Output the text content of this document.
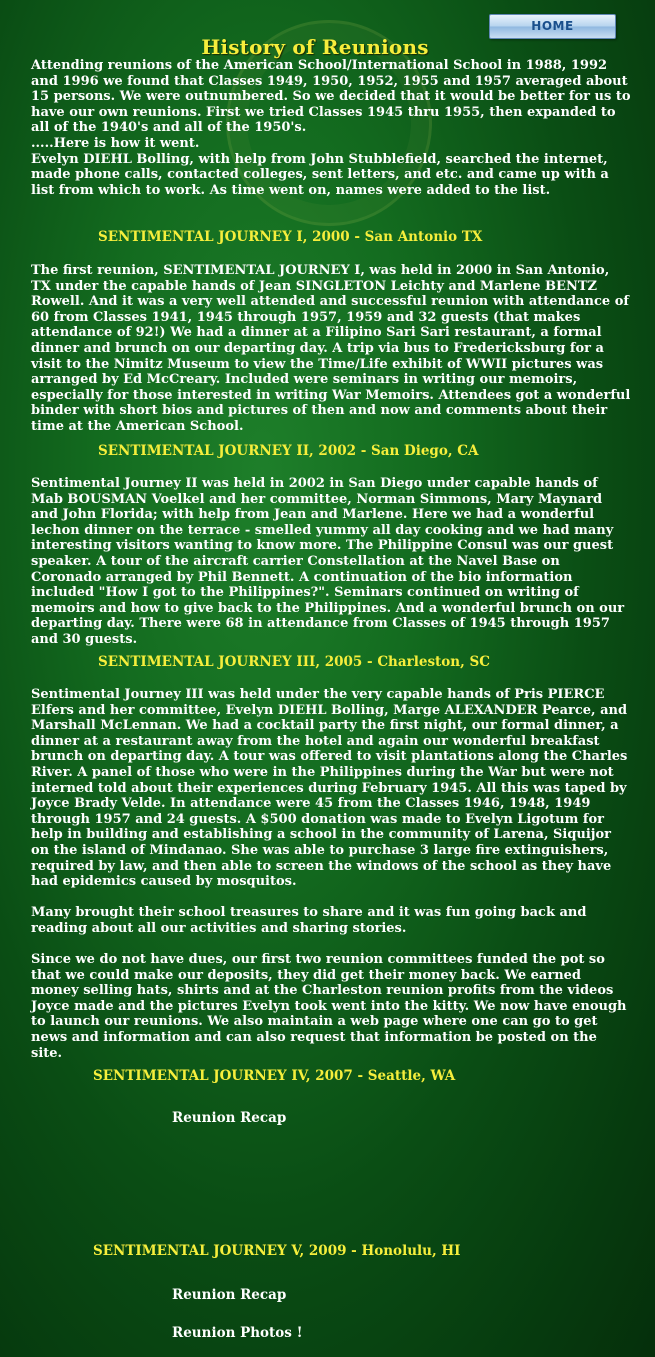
History of Reunions
HOME

Attending reunions of the American School/International School in 1988, 1992 and 1996 we found that Classes 1949, 1950, 1952, 1955 and 1957 averaged about 15 persons. We were outnumbered. So we decided that it would be better for us to have our own reunions. First we tried Classes 1945 thru 1955, then expanded to all of the 1940's and all of the 1950's.
.....Here is how it went.
Evelyn DIEHL Bolling, with help from John Stubblefield, searched the internet, made phone calls, contacted colleges, sent letters, and etc. and came up with a list from which to work. As time went on, names were added to the list.

SENTIMENTAL JOURNEY I, 2000 - San Antonio TX

The first reunion, SENTIMENTAL JOURNEY I, was held in 2000 in San Antonio, TX under the capable hands of Jean SINGLETON Leichty and Marlene BENTZ Rowell. And it was a very well attended and successful reunion with attendance of 60 from Classes 1941, 1945 through 1957, 1959 and 32 guests (that makes attendance of 92!) We had a dinner at a Filipino Sari Sari restaurant, a formal dinner and brunch on our departing day. A trip via bus to Fredericksburg for a visit to the Nimitz Museum to view the Time/Life exhibit of WWII pictures was arranged by Ed McCreary. Included were seminars in writing our memoirs, especially for those interested in writing War Memoirs. Attendees got a wonderful binder with short bios and pictures of then and now and comments about their time at the American School.

SENTIMENTAL JOURNEY II, 2002 - San Diego, CA

Sentimental Journey II was held in 2002 in San Diego under capable hands of Mab BOUSMAN Voelkel and her committee, Norman Simmons, Mary Maynard and John Florida; with help from Jean and Marlene. Here we had a wonderful lechon dinner on the terrace - smelled yummy all day cooking and we had many interesting visitors wanting to know more. The Philippine Consul was our guest speaker. A tour of the aircraft carrier Constellation at the Navel Base on Coronado arranged by Phil Bennett. A continuation of the bio information included "How I got to the Philippines?". Seminars continued on writing of memoirs and how to give back to the Philippines. And a wonderful brunch on our departing day. There were 68 in attendance from Classes of 1945 through 1957 and 30 guests.

SENTIMENTAL JOURNEY III, 2005 - Charleston, SC

Sentimental Journey III was held under the very capable hands of Pris PIERCE Elfers and her committee, Evelyn DIEHL Bolling, Marge ALEXANDER Pearce, and Marshall McLennan. We had a cocktail party the first night, our formal dinner, a dinner at a restaurant away from the hotel and again our wonderful breakfast brunch on departing day. A tour was offered to visit plantations along the Charles River. A panel of those who were in the Philippines during the War but were not interned told about their experiences during February 1945. All this was taped by Joyce Brady Velde. In attendance were 45 from the Classes 1946, 1948, 1949 through 1957 and 24 guests. A $500 donation was made to Evelyn Ligotum for help in building and establishing a school in the community of Larena, Siquijor on the island of Mindanao. She was able to purchase 3 large fire extinguishers, required by law, and then able to screen the windows of the school as they have had epidemics caused by mosquitos.

Many brought their school treasures to share and it was fun going back and reading about all our activities and sharing stories.

Since we do not have dues, our first two reunion committees funded the pot so that we could make our deposits, they did get their money back. We earned money selling hats, shirts and at the Charleston reunion profits from the videos Joyce made and the pictures Evelyn took went into the kitty. We now have enough to launch our reunions. We also maintain a web page where one can go to get news and information and can also request that information be posted on the site.

SENTIMENTAL JOURNEY IV, 2007 - Seattle, WA
Reunion Recap
SENTIMENTAL JOURNEY V, 2009 - Honolulu, HI
Reunion Recap
Reunion Photos !
